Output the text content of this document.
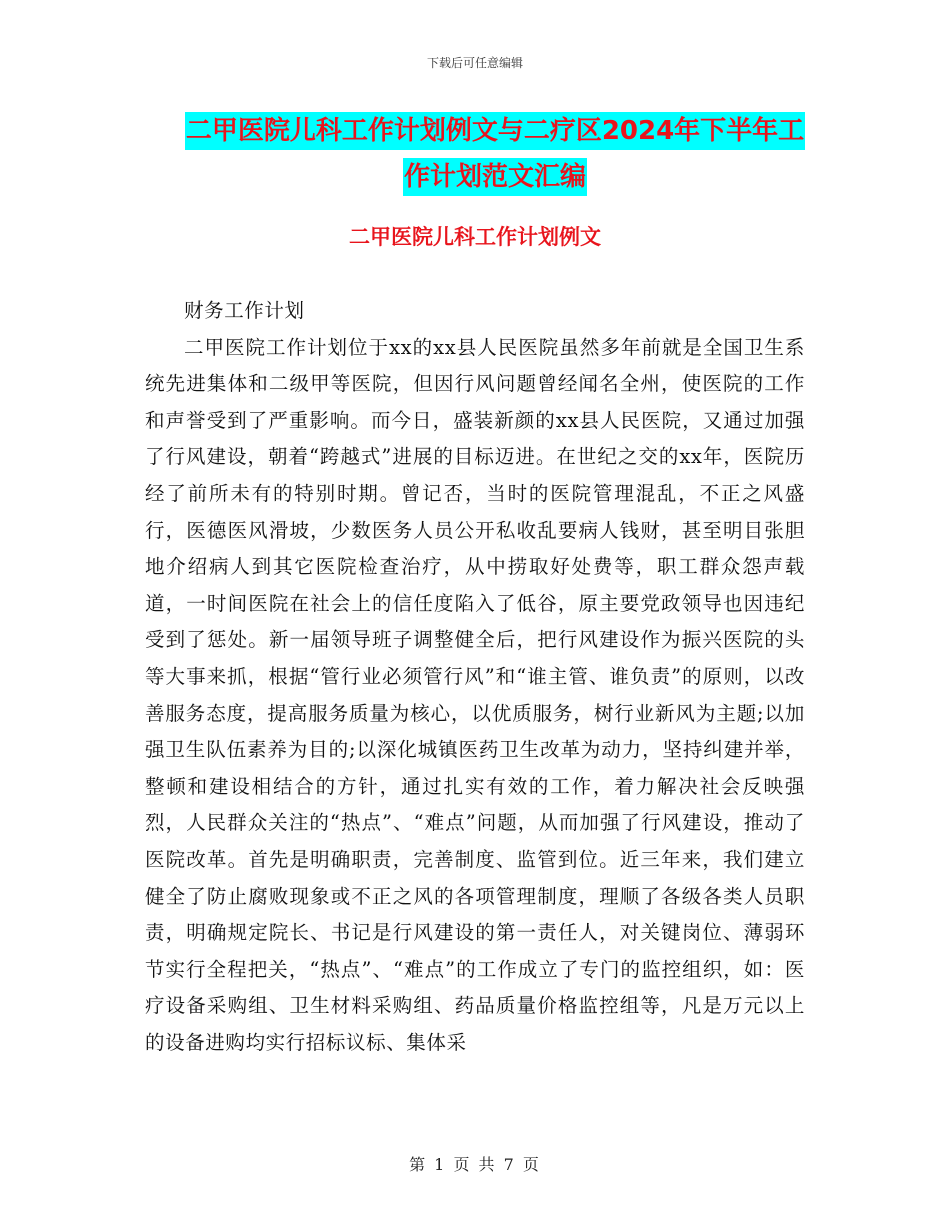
下载后可任意编辑
二甲医院儿科工作计划例文与二疗区2024年下半年工
作计划范文汇编
二甲医院儿科工作计划例文

财务工作计划

二甲医院工作计划位于xx的xx县人民医院虽然多年前就是全国卫生系统先进集体和二级甲等医院，但因行风问题曾经闻名全州，使医院的工作和声誉受到了严重影响。而今日，盛装新颜的xx县人民医院，又通过加强了行风建设，朝着“跨越式”进展的目标迈进。在世纪之交的xx年，医院历经了前所未有的特别时期。曾记否，当时的医院管理混乱，不正之风盛行，医德医风滑坡，少数医务人员公开私收乱要病人钱财，甚至明目张胆地介绍病人到其它医院检查治疗，从中捞取好处费等，职工群众怨声载道，一时间医院在社会上的信任度陷入了低谷，原主要党政领导也因违纪受到了惩处。新一届领导班子调整健全后，把行风建设作为振兴医院的头等大事来抓，根据“管行业必须管行风”和“谁主管、谁负责”的原则，以改善服务态度，提高服务质量为核心，以优质服务，树行业新风为主题;以加强卫生队伍素养为目的;以深化城镇医药卫生改革为动力，坚持纠建并举，整顿和建设相结合的方针，通过扎实有效的工作，着力解决社会反映强烈，人民群众关注的“热点”、“难点”问题，从而加强了行风建设，推动了医院改革。首先是明确职责，完善制度、监管到位。近三年来，我们建立健全了防止腐败现象或不正之风的各项管理制度，理顺了各级各类人员职责，明确规定院长、书记是行风建设的第一责任人，对关键岗位、薄弱环节实行全程把关，“热点”、“难点”的工作成立了专门的监控组织，如：医疗设备采购组、卫生材料采购组、药品质量价格监控组等，凡是万元以上的设备进购均实行招标议标、集体采

第 1 页 共 7 页
